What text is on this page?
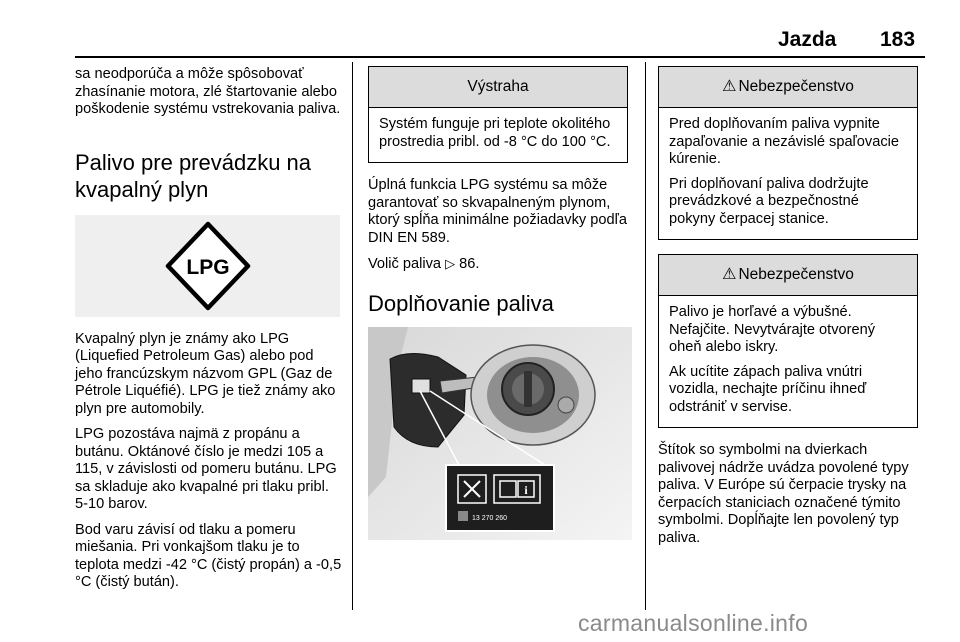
Jazda 183

sa neodporúča a môže spôsobovať zhasínanie motora, zlé štartovanie alebo poškodenie systému vstrekovania paliva.

Palivo pre prevádzku na
kvapalný plyn
LPG

Kvapalný plyn je známy ako LPG (Liquefied Petroleum Gas) alebo pod jeho francúzskym názvom GPL (Gaz de Pétrole Liquéfié). LPG je tiež známy ako plyn pre automobily.

LPG pozostáva najmä z propánu a butánu. Oktánové číslo je medzi 105 a 115, v závislosti od pomeru butánu. LPG sa skladuje ako kvapalné pri tlaku pribl. 5-10 barov.

Bod varu závisí od tlaku a pomeru miešania. Pri vonkajšom tlaku je to teplota medzi -42 °C (čistý propán) a -0,5 °C (čistý bután).

Výstraha

Systém funguje pri teplote okolitého prostredia pribl. od -8 °C do 100 °C.

Úplná funkcia LPG systému sa môže garantovať so skvapalneným plynom, ktorý spĺňa minimálne požiadavky podľa DIN EN 589.

Volič paliva ▷ 86.

Doplňovanie paliva
i
13 270 260
⚠ Nebezpečenstvo

Pred doplňovaním paliva vypnite zapaľovanie a nezávislé spaľovacie kúrenie.

Pri doplňovaní paliva dodržujte prevádzkové a bezpečnostné pokyny čerpacej stanice.

⚠ Nebezpečenstvo

Palivo je horľavé a výbušné. Nefajčite. Nevytvárajte otvorený oheň alebo iskry.

Ak ucítite zápach paliva vnútri vozidla, nechajte príčinu ihneď odstrániť v servise.

Štítok so symbolmi na dvierkach palivovej nádrže uvádza povolené typy paliva. V Európe sú čerpacie trysky na čerpacích staniciach označené týmito symbolmi. Dopĺňajte len povolený typ paliva.

carmanualsonline.info
